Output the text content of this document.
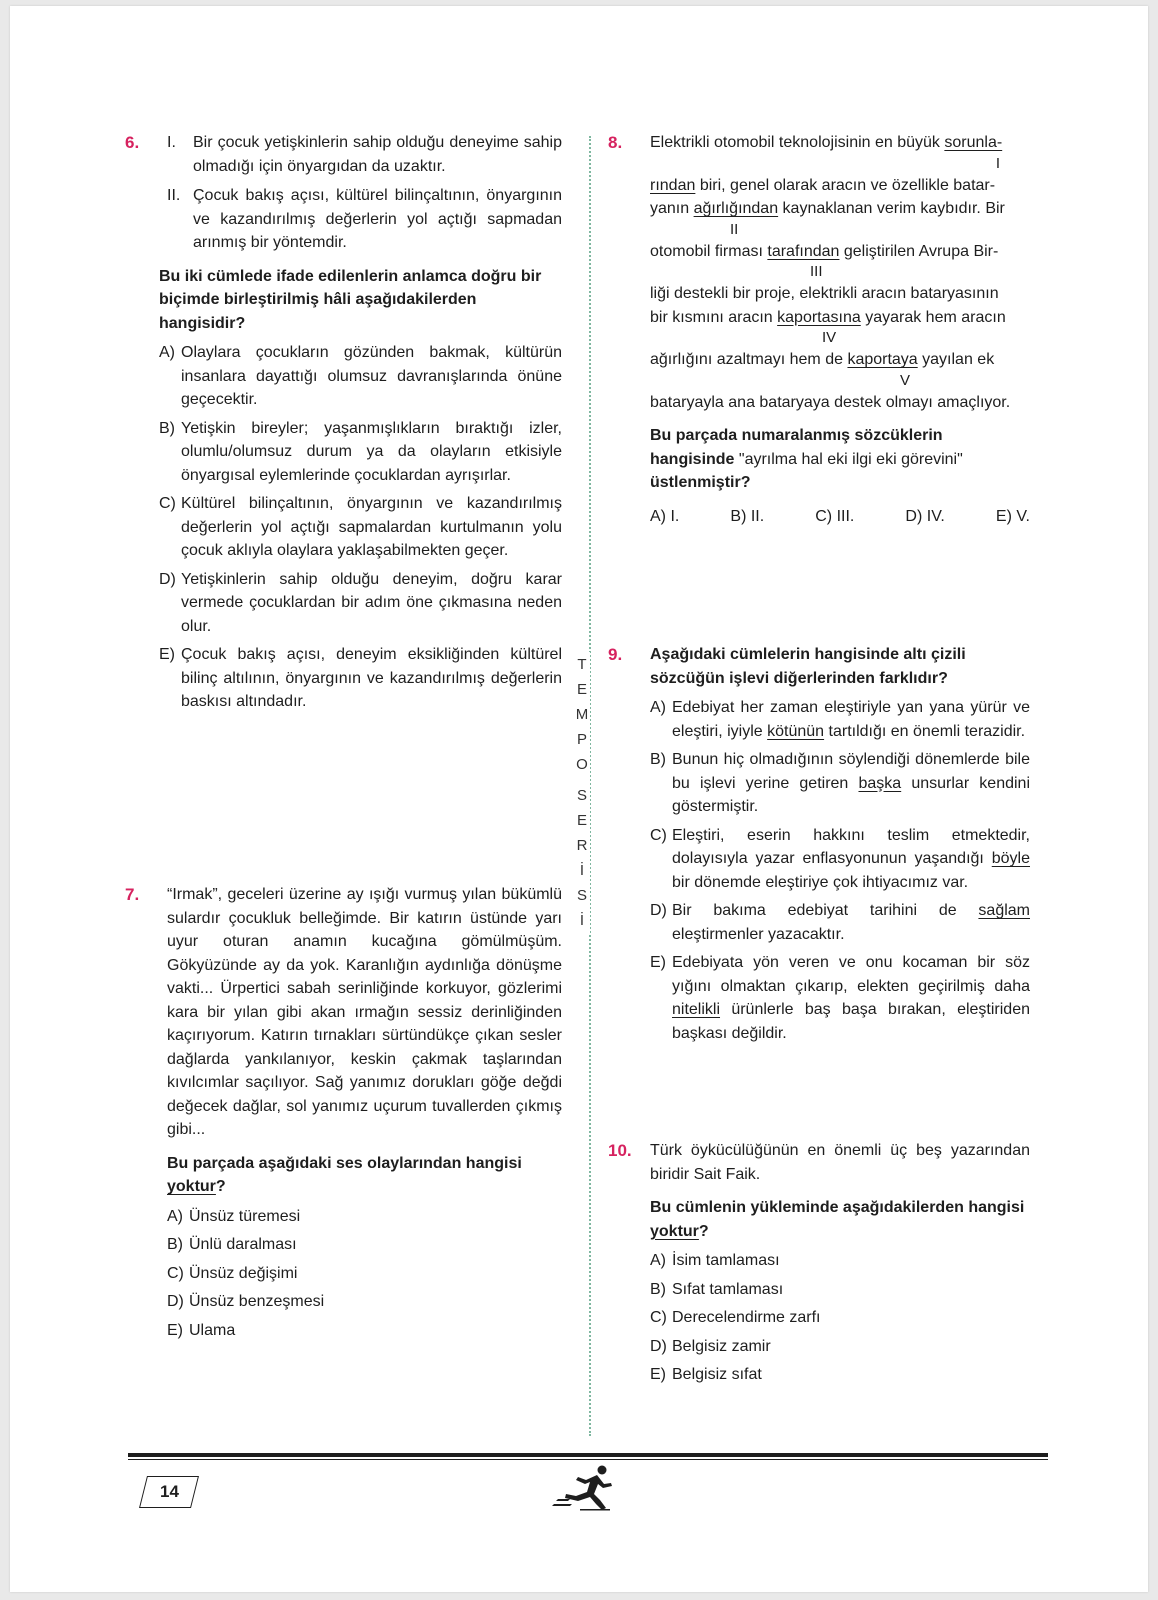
6. I.	Bir çocuk yetişkinlerin sahip olduğu deneyime sahip olmadığı için önyargıdan da uzaktır.
II. Çocuk bakış açısı, kültürel bilinçaltının, önyargının ve kazandırılmış değerlerin yol açtığı sapmadan arınmış bir yöntemdir.
Bu iki cümlede ifade edilenlerin anlamca doğru bir biçimde birleştirilmiş hâli aşağıdakilerden hangisidir?
A) Olaylara çocukların gözünden bakmak, kültürün insanlara dayattığı olumsuz davranışlarında önüne geçecektir.
B) Yetişkin bireyler; yaşanmışlıkların bıraktığı izler, olumlu/olumsuz durum ya da olayların etkisiyle önyargısal eylemlerinde çocuklardan ayrışırlar.
C) Kültürel bilinçaltının, önyargının ve kazandırılmış değerlerin yol açtığı sapmalardan kurtulmanın yolu çocuk aklıyla olaylara yaklaşabilmekten geçer.
D) Yetişkinlerin sahip olduğu deneyim, doğru karar vermede çocuklardan bir adım öne çıkmasına neden olur.
E) Çocuk bakış açısı, deneyim eksikliğinden kültürel bilinç altılının, önyargının ve kazandırılmış değerlerin baskısı altındadır.
7. “Irmak”, geceleri üzerine ay ışığı vurmuş yılan bükümlü sulardır çocukluk belleğimde. Bir katırın üstünde yarı uyur oturan anamın kucağına gömülmüşüm. Gökyüzünde ay da yok. Karanlığın aydınlığa dönüşme vakti... Ürpertici sabah serinliğinde korkuyor, gözlerimi kara bir yılan gibi akan ırmağın sessiz derinliğinden kaçırıyorum. Katırın tırnakları sürtündükçe çıkan sesler dağlarda yankılanıyor, keskin çakmak taşlarından kıvılcımlar saçılıyor. Sağ yanımız dorukları göğe değdi değecek dağlar, sol yanımız uçurum tuvallerden çıkmış gibi...
Bu parçada aşağıdaki ses olaylarından hangisi yoktur?
A) Ünsüz türemesi
B) Ünlü daralması
C) Ünsüz değişimi
D) Ünsüz benzeşmesi
E) Ulama
T
E
M
P
O
S
E
R
İ
S
İ
8. Elektrikli otomobil teknolojisinin en büyük sorunla-
I
rından biri, genel olarak aracın ve özellikle batar-
yanın ağırlığından kaynaklanan verim kaybıdır. Bir
II
otomobil firması tarafından geliştirilen Avrupa Bir-
III
liği destekli bir proje, elektrikli aracın bataryasının
bir kısmını aracın kaportasına yayarak hem aracın
IV
ağırlığını azaltmayı hem de kaportaya yayılan ek
V
bataryayla ana bataryaya destek olmayı amaçlıyor.
Bu parçada numaralanmış sözcüklerin hangisinde "ayrılma hal eki ilgi eki görevini" üstlenmiştir?
A) I.	B) II.	C) III.	D) IV.	E) V.
9. Aşağıdaki cümlelerin hangisinde altı çizili sözcüğün işlevi diğerlerinden farklıdır?
A) Edebiyat her zaman eleştiriyle yan yana yürür ve eleştiri, iyiyle kötünün tartıldığı en önemli terazidir.
B) Bunun hiç olmadığının söylendiği dönemlerde bile bu işlevi yerine getiren başka unsurlar kendini göstermiştir.
C) Eleştiri, eserin hakkını teslim etmektedir, dolayısıyla yazar enflasyonunun yaşandığı böyle bir dönemde eleştiriye çok ihtiyacımız var.
D) Bir bakıma edebiyat tarihini de sağlam eleştirmenler yazacaktır.
E) Edebiyata yön veren ve onu kocaman bir söz yığını olmaktan çıkarıp, elekten geçirilmiş daha nitelikli ürünlerle baş başa bırakan, eleştiriden başkası değildir.
10. Türk öykücülüğünün en önemli üç beş yazarından biridir Sait Faik.
Bu cümlenin yükleminde aşağıdakilerden hangisi yoktur?
A) İsim tamlaması
B) Sıfat tamlaması
C) Derecelendirme zarfı
D) Belgisiz zamir
E) Belgisiz sıfat
14
